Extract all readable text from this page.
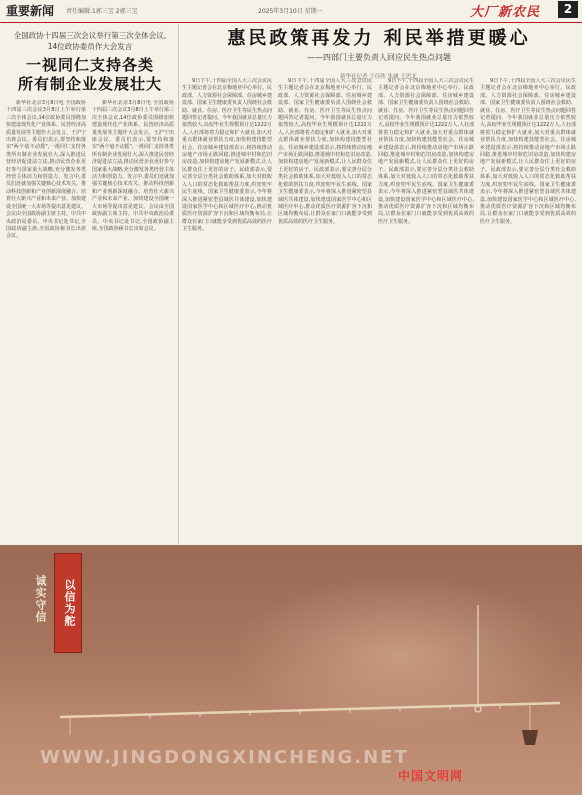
重要新闻 责任编辑:1郭三宝 2郭三宝	2025年3月10日 星期一	大厂新农民	2
全国政协十四届三次会议举行第三次全体会议,
14位政协委员作大会发言
一视同仁支持各类
所有制企业发展壮大

新华社北京3月8日电 全国政协十四届三次会议3月8日上午举行第三次全体会议,14位政协委员围绕加快建设现代化产业体系、民营经济高质量发展等主题作大会发言。王沪宁出席会议。委员们表示,要坚持和落实"两个毫不动摇",一视同仁支持各类所有制企业发展壮大,深入推进民营经济促进法立法,推动民营企业更好参与国家重大战略,充分激发各类经营主体活力和创造力。发言中,委员们还就加强关键核心技术攻关、推动科技创新和产业创新深度融合、培育壮大新兴产业和未来产业、加快建设全国统一大市场等提出意见建议。会议由全国政协副主席主持。中共中央政治局委员、中央书记处书记,全国政协副主席,全国政协秘书长出席会议。

新华社北京3月8日电 全国政协十四届三次会议3月8日上午举行第三次全体会议,14位政协委员围绕加快建设现代化产业体系、民营经济高质量发展等主题作大会发言。王沪宁出席会议。委员们表示,要坚持和落实"两个毫不动摇",一视同仁支持各类所有制企业发展壮大,深入推进民营经济促进法立法,推动民营企业更好参与国家重大战略,充分激发各类经营主体活力和创造力。发言中,委员们还就加强关键核心技术攻关、推动科技创新和产业创新深度融合、培育壮大新兴产业和未来产业、加快建设全国统一大市场等提出意见建议。会议由全国政协副主席主持。中共中央政治局委员、中央书记处书记,全国政协副主席,全国政协秘书长出席会议。

惠民政策再发力 利民举措更暖心
——四部门主要负责人回应民生热点问题
新华社记者 于佳欣 朱涵 王思北

9日下午,十四届全国人大三次会议民生主题记者会在北京梅地亚中心举行。民政部、人力资源社会保障部、住房城乡建设部、国家卫生健康委负责人围绕社会救助、就业、住房、医疗卫生等民生热点问题回答记者提问。今年我国就业总量压力依然较大,高校毕业生规模预计达1222万人,人社部将着力稳定和扩大就业,加大对重点群体就业帮扶力度,加快构建技能型社会。住房城乡建设部表示,将持续推动房地产市场止跌回稳,推进城中村和危旧房改造,加快构建房地产发展新模式,让人民群众住上更好的房子。民政部表示,要完善分层分类社会救助体系,加大对低收入人口的常态化救助帮扶力度,织密兜牢民生底线。国家卫生健康委表示,今年将深入推进紧密型县域医共体建设,加快建设国家医学中心和区域医疗中心,推动优质医疗资源扩容下沉和区域均衡布局,让群众在家门口就能享受到优质高效的医疗卫生服务。

9日下午,十四届全国人大三次会议民生主题记者会在北京梅地亚中心举行。民政部、人力资源社会保障部、住房城乡建设部、国家卫生健康委负责人围绕社会救助、就业、住房、医疗卫生等民生热点问题回答记者提问。今年我国就业总量压力依然较大,高校毕业生规模预计达1222万人,人社部将着力稳定和扩大就业,加大对重点群体就业帮扶力度,加快构建技能型社会。住房城乡建设部表示,将持续推动房地产市场止跌回稳,推进城中村和危旧房改造,加快构建房地产发展新模式,让人民群众住上更好的房子。民政部表示,要完善分层分类社会救助体系,加大对低收入人口的常态化救助帮扶力度,织密兜牢民生底线。国家卫生健康委表示,今年将深入推进紧密型县域医共体建设,加快建设国家医学中心和区域医疗中心,推动优质医疗资源扩容下沉和区域均衡布局,让群众在家门口就能享受到优质高效的医疗卫生服务。

9日下午,十四届全国人大三次会议民生主题记者会在北京梅地亚中心举行。民政部、人力资源社会保障部、住房城乡建设部、国家卫生健康委负责人围绕社会救助、就业、住房、医疗卫生等民生热点问题回答记者提问。今年我国就业总量压力依然较大,高校毕业生规模预计达1222万人,人社部将着力稳定和扩大就业,加大对重点群体就业帮扶力度,加快构建技能型社会。住房城乡建设部表示,将持续推动房地产市场止跌回稳,推进城中村和危旧房改造,加快构建房地产发展新模式,让人民群众住上更好的房子。民政部表示,要完善分层分类社会救助体系,加大对低收入人口的常态化救助帮扶力度,织密兜牢民生底线。国家卫生健康委表示,今年将深入推进紧密型县域医共体建设,加快建设国家医学中心和区域医疗中心,推动优质医疗资源扩容下沉和区域均衡布局,让群众在家门口就能享受到优质高效的医疗卫生服务。

9日下午,十四届全国人大三次会议民生主题记者会在北京梅地亚中心举行。民政部、人力资源社会保障部、住房城乡建设部、国家卫生健康委负责人围绕社会救助、就业、住房、医疗卫生等民生热点问题回答记者提问。今年我国就业总量压力依然较大,高校毕业生规模预计达1222万人,人社部将着力稳定和扩大就业,加大对重点群体就业帮扶力度,加快构建技能型社会。住房城乡建设部表示,将持续推动房地产市场止跌回稳,推进城中村和危旧房改造,加快构建房地产发展新模式,让人民群众住上更好的房子。民政部表示,要完善分层分类社会救助体系,加大对低收入人口的常态化救助帮扶力度,织密兜牢民生底线。国家卫生健康委表示,今年将深入推进紧密型县域医共体建设,加快建设国家医学中心和区域医疗中心,推动优质医疗资源扩容下沉和区域均衡布局,让群众在家门口就能享受到优质高效的医疗卫生服务。

诚实守信	以信为舵
WWW.JINGDONGXINCHENG.NET
中国文明网
